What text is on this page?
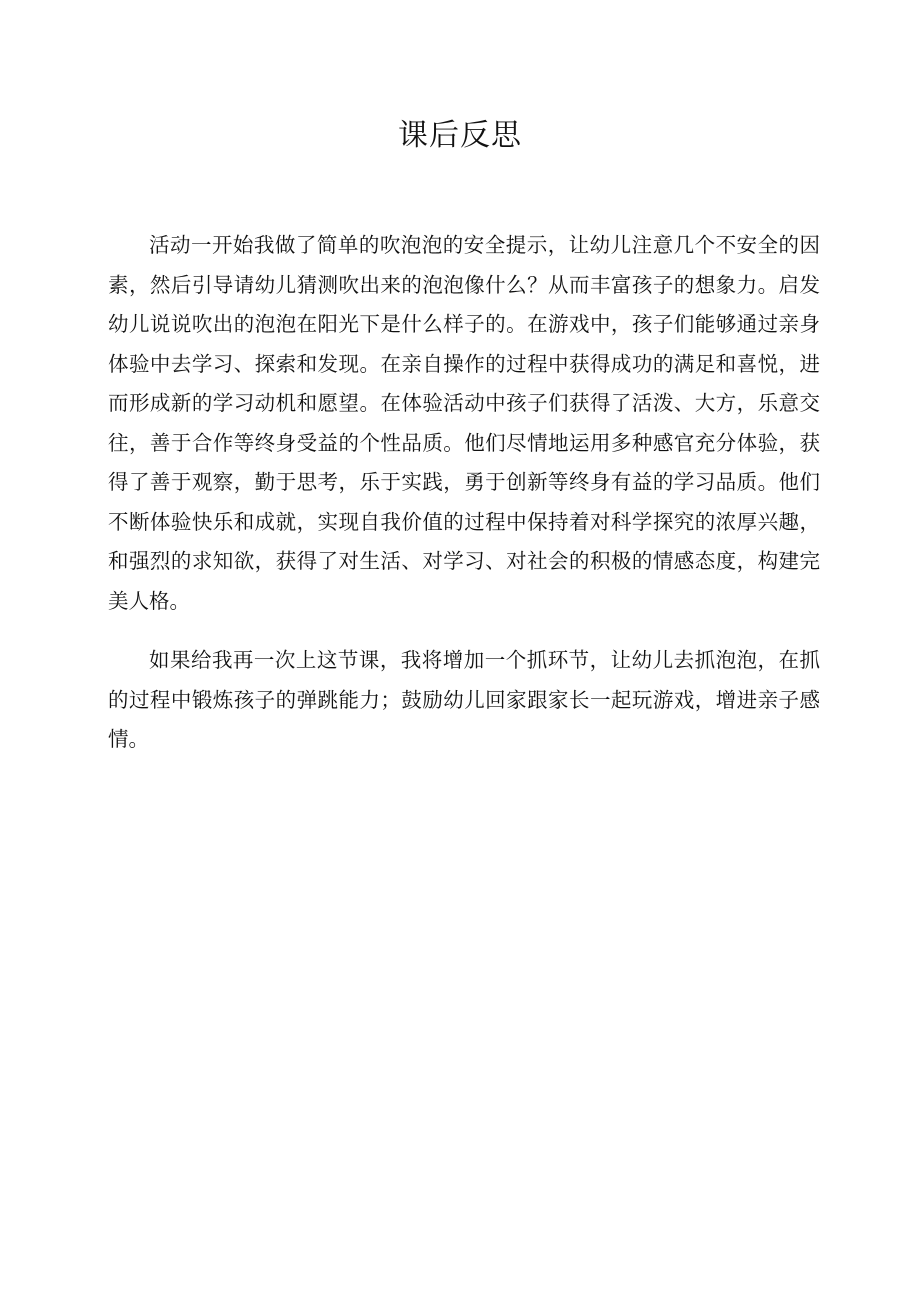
课后反思

活动一开始我做了简单的吹泡泡的安全提示，让幼儿注意几个不安全的因素，然后引导请幼儿猜测吹出来的泡泡像什么？从而丰富孩子的想象力。启发幼儿说说吹出的泡泡在阳光下是什么样子的。在游戏中，孩子们能够通过亲身体验中去学习、探索和发现。在亲自操作的过程中获得成功的满足和喜悦，进而形成新的学习动机和愿望。在体验活动中孩子们获得了活泼、大方，乐意交往，善于合作等终身受益的个性品质。他们尽情地运用多种感官充分体验，获得了善于观察，勤于思考，乐于实践，勇于创新等终身有益的学习品质。他们不断体验快乐和成就，实现自我价值的过程中保持着对科学探究的浓厚兴趣，和强烈的求知欲，获得了对生活、对学习、对社会的积极的情感态度，构建完美人格。

如果给我再一次上这节课，我将增加一个抓环节，让幼儿去抓泡泡，在抓的过程中锻炼孩子的弹跳能力；鼓励幼儿回家跟家长一起玩游戏，增进亲子感情。
